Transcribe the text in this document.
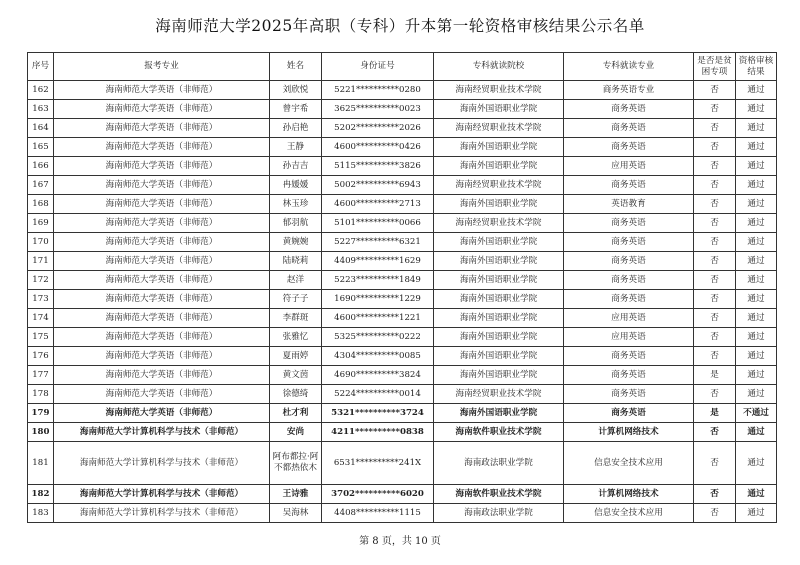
海南师范大学2025年高职（专科）升本第一轮资格审核结果公示名单
序号	报考专业	姓名	身份证号	专科就读院校	专科就读专业	是否是贫困专项	资格审核结果
162	海南师范大学英语（非师范）	刘欣悦	5221**********0280	海南经贸职业技术学院	商务英语专业	否	通过
163	海南师范大学英语（非师范）	曾宇希	3625**********0023	海南外国语职业学院	商务英语	否	通过
164	海南师范大学英语（非师范）	孙启艳	5202**********2026	海南经贸职业技术学院	商务英语	否	通过
165	海南师范大学英语（非师范）	王静	4600**********0426	海南外国语职业学院	商务英语	否	通过
166	海南师范大学英语（非师范）	孙吉吉	5115**********3826	海南外国语职业学院	应用英语	否	通过
167	海南师范大学英语（非师范）	冉媛媛	5002**********6943	海南经贸职业技术学院	商务英语	否	通过
168	海南师范大学英语（非师范）	林玉珍	4600**********2713	海南外国语职业学院	英语教育	否	通过
169	海南师范大学英语（非师范）	郁羽航	5101**********0066	海南经贸职业技术学院	商务英语	否	通过
170	海南师范大学英语（非师范）	黄婉婉	5227**********6321	海南外国语职业学院	商务英语	否	通过
171	海南师范大学英语（非师范）	陆晓莉	4409**********1629	海南外国语职业学院	商务英语	否	通过
172	海南师范大学英语（非师范）	赵洋	5223**********1849	海南外国语职业学院	商务英语	否	通过
173	海南师范大学英语（非师范）	符子子	1690**********1229	海南外国语职业学院	商务英语	否	通过
174	海南师范大学英语（非师范）	李群斑	4600**********1221	海南外国语职业学院	应用英语	否	通过
175	海南师范大学英语（非师范）	张雅忆	5325**********0222	海南外国语职业学院	应用英语	否	通过
176	海南师范大学英语（非师范）	夏雨婷	4304**********0085	海南外国语职业学院	商务英语	否	通过
177	海南师范大学英语（非师范）	黄文茵	4690**********3824	海南外国语职业学院	商务英语	是	通过
178	海南师范大学英语（非师范）	徐德绮	5224**********0014	海南经贸职业技术学院	商务英语	否	通过
179	海南师范大学英语（非师范）	杜才利	5321**********3724	海南外国语职业学院	商务英语	是	不通过
180	海南师范大学计算机科学与技术（非师范）	安尚	4211**********0838	海南软件职业技术学院	计算机网络技术	否	通过
181	海南师范大学计算机科学与技术（非师范）	阿布都拉·阿不都热依木	6531**********241X	海南政法职业学院	信息安全技术应用	否	通过
182	海南师范大学计算机科学与技术（非师范）	王诗雅	3702**********6020	海南软件职业技术学院	计算机网络技术	否	通过
183	海南师范大学计算机科学与技术（非师范）	吴海林	4408**********1115	海南政法职业学院	信息安全技术应用	否	通过
第 8 页，共 10 页
